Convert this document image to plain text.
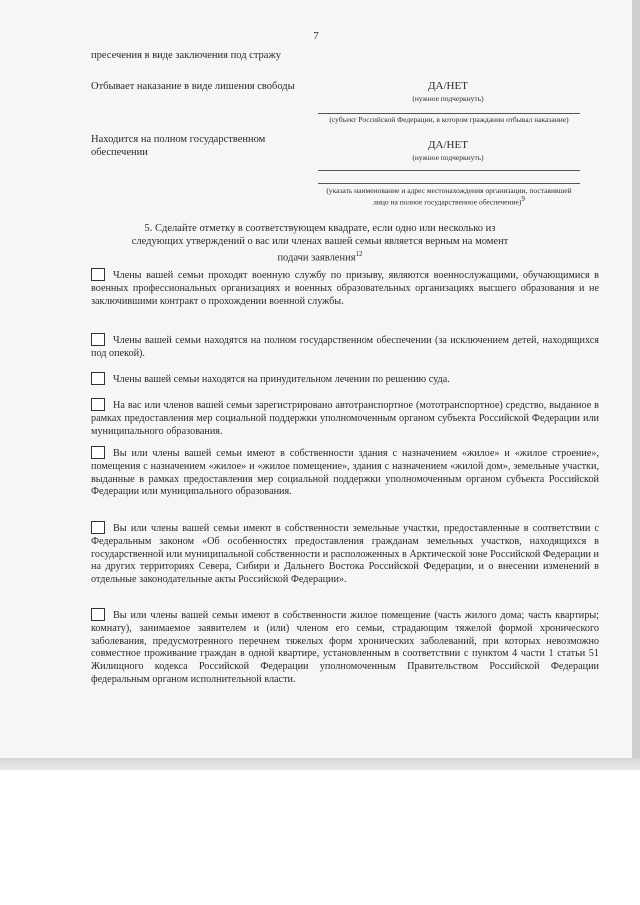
7
пресечения в виде заключения под стражу
Отбывает наказание в виде лишения свободы	ДА/НЕТ
(нужное подчеркнуть)
(субъект Российской Федерации, в котором гражданин отбывал наказание)
Находится на полном государственном обеспечении
ДА/НЕТ
(нужное подчеркнуть)
(указать наименование и адрес местонахождения организации, поставившей лицо на полное государственное обеспечение)$^9$
5. Сделайте отметку в соответствующем квадрате, если одно или несколько из следующих утверждений о вас или членах вашей семьи является верным на момент подачи заявления$^{12}$
Члены вашей семьи проходят военную службу по призыву, являются военнослужащими, обучающимися в военных профессиональных организациях и военных образовательных организациях высшего образования и не заключившими контракт о прохождении военной службы.
Члены вашей семьи находятся на полном государственном обеспечении (за исключением детей, находящихся под опекой).
Члены вашей семьи находятся на принудительном лечении по решению суда.
На вас или членов вашей семьи зарегистрировано автотранспортное (мототранспортное) средство, выданное в рамках предоставления мер социальной поддержки уполномоченным органом субъекта Российской Федерации или муниципального образования.
Вы или члены вашей семьи имеют в собственности здания с назначением «жилое» и «жилое строение», помещения с назначением «жилое» и «жилое помещение», здания с назначением «жилой дом», земельные участки, выданные в рамках предоставления мер социальной поддержки уполномоченным органом субъекта Российской Федерации или муниципального образования.
Вы или члены вашей семьи имеют в собственности земельные участки, предоставленные в соответствии с Федеральным законом «Об особенностях предоставления гражданам земельных участков, находящихся в государственной или муниципальной собственности и расположенных в Арктической зоне Российской Федерации и на других территориях Севера, Сибири и Дальнего Востока Российской Федерации, и о внесении изменений в отдельные законодательные акты Российской Федерации».
Вы или члены вашей семьи имеют в собственности жилое помещение (часть жилого дома; часть квартиры; комнату), занимаемое заявителем и (или) членом его семьи, страдающим тяжелой формой хронического заболевания, предусмотренного перечнем тяжелых форм хронических заболеваний, при которых невозможно совместное проживание граждан в одной квартире, установленным в соответствии с пунктом 4 части 1 статьи 51 Жилищного кодекса Российской Федерации уполномоченным Правительством Российской Федерации федеральным органом исполнительной власти.
